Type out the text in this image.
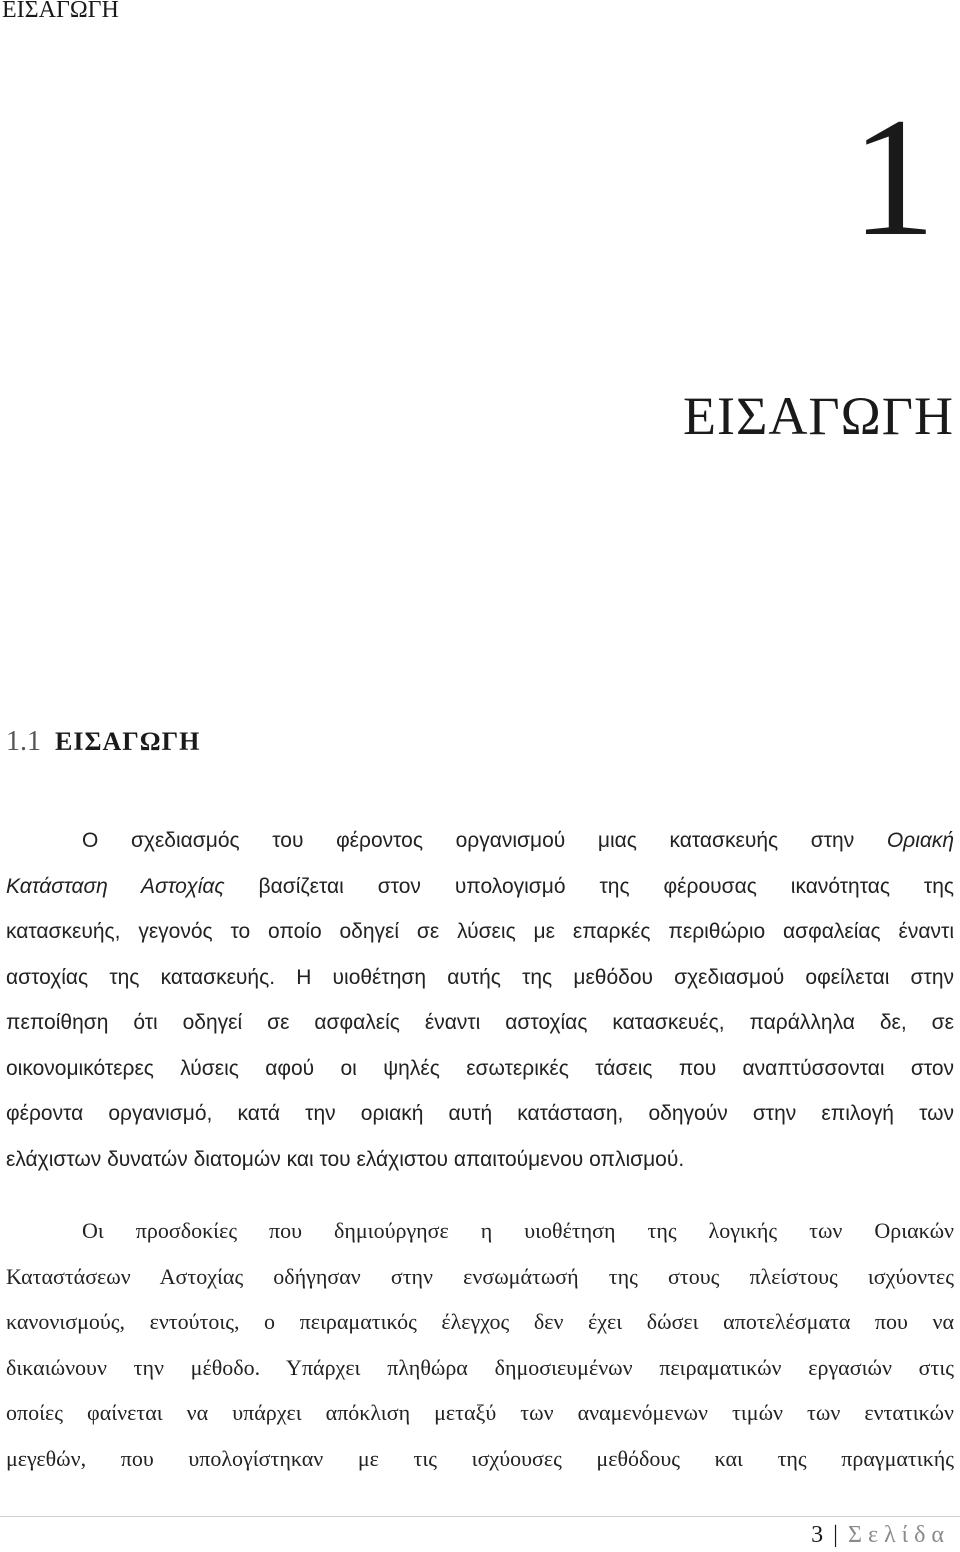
ΕΙΣΑΓΩΓΗ
1
ΕΙΣΑΓΩΓΗ
1.1 ΕΙΣΑΓΩΓΗ
Ο σχεδιασμός του φέροντος οργανισμού μιας κατασκευής στην Οριακή
Κατάσταση Αστοχίας βασίζεται στον υπολογισμό της φέρουσας ικανότητας της
κατασκευής, γεγονός το οποίο οδηγεί σε λύσεις με επαρκές περιθώριο ασφαλείας έναντι
αστοχίας της κατασκευής. Η υιοθέτηση αυτής της μεθόδου σχεδιασμού οφείλεται στην
πεποίθηση ότι οδηγεί σε ασφαλείς έναντι αστοχίας κατασκευές, παράλληλα δε, σε
οικονομικότερες λύσεις αφού οι ψηλές εσωτερικές τάσεις που αναπτύσσονται στον
φέροντα οργανισμό, κατά την οριακή αυτή κατάσταση, οδηγούν στην επιλογή των
ελάχιστων δυνατών διατομών και του ελάχιστου απαιτούμενου οπλισμού.
Οι προσδοκίες που δημιούργησε η υιοθέτηση της λογικής των Οριακών
Καταστάσεων Αστοχίας οδήγησαν στην ενσωμάτωσή της στους πλείστους ισχύοντες
κανονισμούς, εντούτοις, ο πειραματικός έλεγχος δεν έχει δώσει αποτελέσματα που να
δικαιώνουν την μέθοδο. Υπάρχει πληθώρα δημοσιευμένων πειραματικών εργασιών στις
οποίες φαίνεται να υπάρχει απόκλιση μεταξύ των αναμενόμενων τιμών των εντατικών
μεγεθών, που υπολογίστηκαν με τις ισχύουσες μεθόδους και της πραγματικής
3 | Σελίδα
